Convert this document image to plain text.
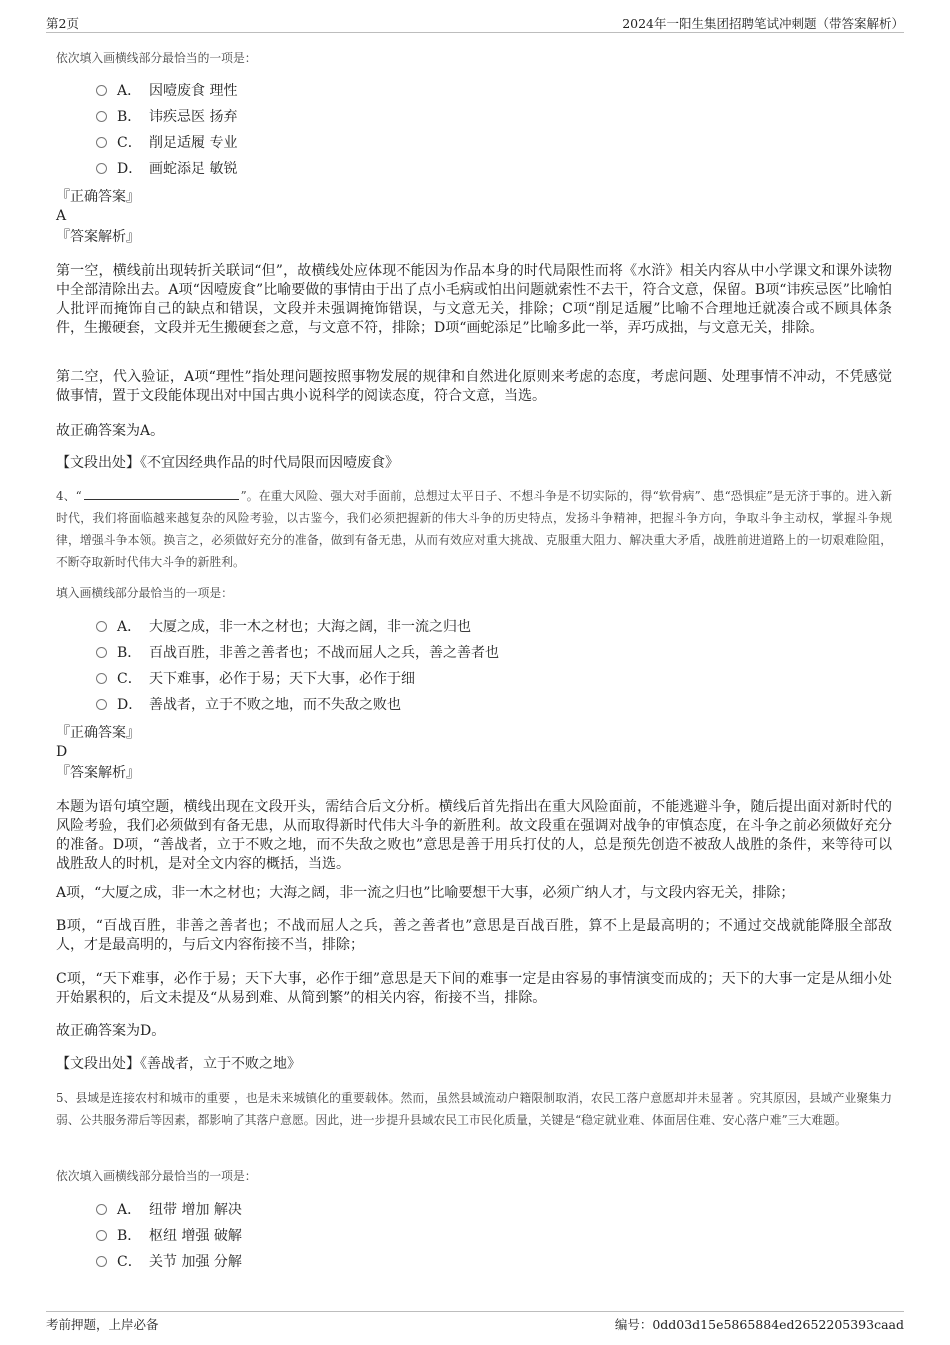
第2页	2024年一阳生集团招聘笔试冲刺题（带答案解析）

依次填入画横线部分最恰当的一项是：

A． 因噎废食 理性
B． 讳疾忌医 扬弃
C． 削足适履 专业
D． 画蛇添足 敏锐
『正确答案』
A
『答案解析』

第一空，横线前出现转折关联词“但”，故横线处应体现不能因为作品本身的时代局限性而将《水浒》相关内容从中小学课文和课外读物中全部清除出去。A项“因噎废食”比喻要做的事情由于出了点小毛病或怕出问题就索性不去干，符合文意，保留。B项“讳疾忌医”比喻怕人批评而掩饰自己的缺点和错误，文段并未强调掩饰错误，与文意无关，排除；C项“削足适履”比喻不合理地迁就凑合或不顾具体条件，生搬硬套，文段并无生搬硬套之意，与文意不符，排除；D项“画蛇添足”比喻多此一举，弄巧成拙，与文意无关，排除。

第二空，代入验证，A项“理性”指处理问题按照事物发展的规律和自然进化原则来考虑的态度，考虑问题、处理事情不冲动，不凭感觉做事情，置于文段能体现出对中国古典小说科学的阅读态度，符合文意，当选。

故正确答案为A。

【文段出处】《不宜因经典作品的时代局限而因噎废食》

4、“	”。在重大风险、强大对手面前，总想过太平日子、不想斗争是不切实际的，得“软骨病”、患“恐惧症”是无济于事的。进入新时代，我们将面临越来越复杂的风险考验，以古鉴今，我们必须把握新的伟大斗争的历史特点，发扬斗争精神，把握斗争方向，争取斗争主动权，掌握斗争规律，增强斗争本领。换言之，必须做好充分的准备，做到有备无患，从而有效应对重大挑战、克服重大阻力、解决重大矛盾，战胜前进道路上的一切艰难险阻，不断夺取新时代伟大斗争的新胜利。

填入画横线部分最恰当的一项是：

A． 大厦之成，非一木之材也；大海之阔，非一流之归也
B． 百战百胜，非善之善者也；不战而屈人之兵，善之善者也
C． 天下难事，必作于易；天下大事，必作于细
D． 善战者，立于不败之地，而不失敌之败也
『正确答案』
D
『答案解析』

本题为语句填空题，横线出现在文段开头，需结合后文分析。横线后首先指出在重大风险面前，不能逃避斗争，随后提出面对新时代的风险考验，我们必须做到有备无患，从而取得新时代伟大斗争的新胜利。故文段重在强调对战争的审慎态度，在斗争之前必须做好充分的准备。D项，“善战者，立于不败之地，而不失敌之败也”意思是善于用兵打仗的人，总是预先创造不被敌人战胜的条件，来等待可以战胜敌人的时机，是对全文内容的概括，当选。

A项，“大厦之成，非一木之材也；大海之阔，非一流之归也”比喻要想干大事，必须广纳人才，与文段内容无关，排除；

B项，“百战百胜，非善之善者也；不战而屈人之兵，善之善者也”意思是百战百胜，算不上是最高明的；不通过交战就能降服全部敌人，才是最高明的，与后文内容衔接不当，排除；

C项，“天下难事，必作于易；天下大事，必作于细”意思是天下间的难事一定是由容易的事情演变而成的；天下的大事一定是从细小处开始累积的，后文未提及“从易到难、从简到繁”的相关内容，衔接不当，排除。

故正确答案为D。

【文段出处】《善战者，立于不败之地》

5、县域是连接农村和城市的重要 ，也是未来城镇化的重要载体。然而，虽然县域流动户籍限制取消，农民工落户意愿却并未显著 。究其原因，县域产业聚集力弱、公共服务滞后等因素，都影响了其落户意愿。因此，进一步提升县域农民工市民化质量，关键是“稳定就业难、体面居住难、安心落户难”三大难题。

依次填入画横线部分最恰当的一项是：

A． 纽带 增加 解决
B． 枢纽 增强 破解
C． 关节 加强 分解
考前押题，上岸必备	编号：0dd03d15e5865884ed2652205393caad
